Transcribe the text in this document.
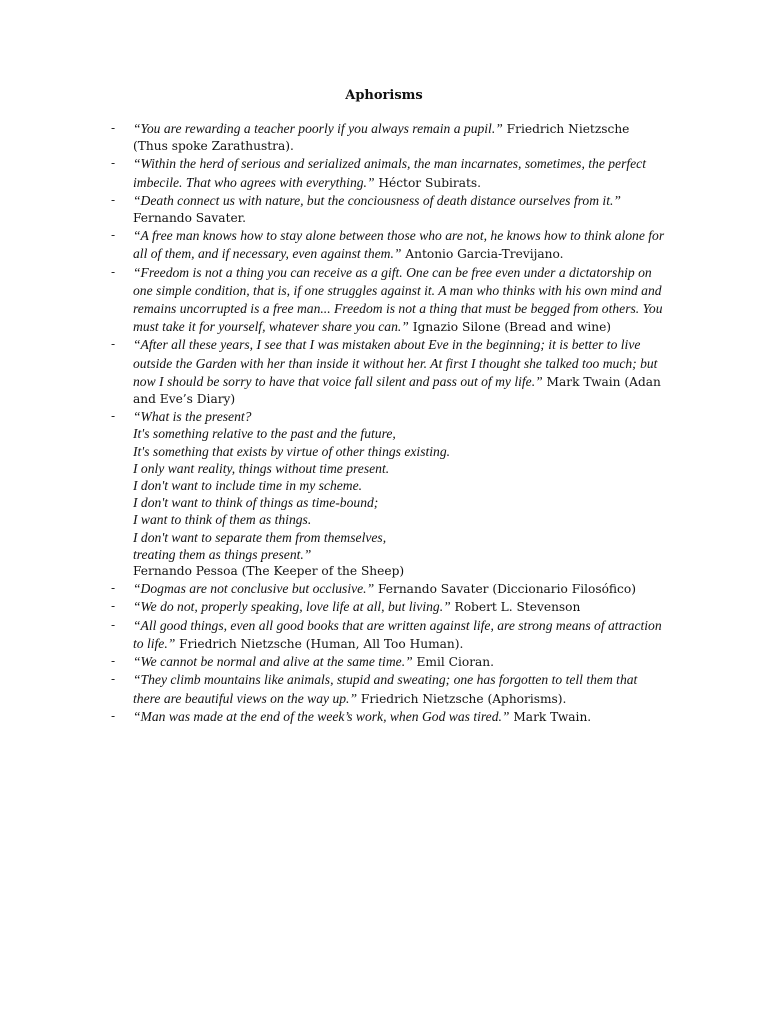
Aphorisms
- “You are rewarding a teacher poorly if you always remain a pupil.” Friedrich Nietzsche (Thus spoke Zarathustra).
- “Within the herd of serious and serialized animals, the man incarnates, sometimes, the perfect imbecile. That who agrees with everything.” Héctor Subirats.
- “Death connect us with nature, but the conciousness of death distance ourselves from it.” Fernando Savater.
- “A free man knows how to stay alone between those who are not, he knows how to think alone for all of them, and if necessary, even against them.” Antonio Garcia-Trevijano.
- “Freedom is not a thing you can receive as a gift. One can be free even under a dictatorship on one simple condition, that is, if one struggles against it. A man who thinks with his own mind and remains uncorrupted is a free man... Freedom is not a thing that must be begged from others. You must take it for yourself, whatever share you can.” Ignazio Silone (Bread and wine)
- “After all these years, I see that I was mistaken about Eve in the beginning; it is better to live outside the Garden with her than inside it without her. At first I thought she talked too much; but now I should be sorry to have that voice fall silent and pass out of my life.” Mark Twain (Adan and Eve’s Diary)
- “What is the present?
It's something relative to the past and the future,
It's something that exists by virtue of other things existing.
I only want reality, things without time present.
I don't want to include time in my scheme.
I don't want to think of things as time-bound;
I want to think of them as things.
I don't want to separate them from themselves,
treating them as things present.”
Fernando Pessoa (The Keeper of the Sheep)
- “Dogmas are not conclusive but occlusive.” Fernando Savater (Diccionario Filosófico)
- “We do not, properly speaking, love life at all, but living.” Robert L. Stevenson
- “All good things, even all good books that are written against life, are strong means of attraction to life.” Friedrich Nietzsche (Human, All Too Human).
- “We cannot be normal and alive at the same time.” Emil Cioran.
- “They climb mountains like animals, stupid and sweating; one has forgotten to tell them that there are beautiful views on the way up.” Friedrich Nietzsche (Aphorisms).
- “Man was made at the end of the week’s work, when God was tired.” Mark Twain.
